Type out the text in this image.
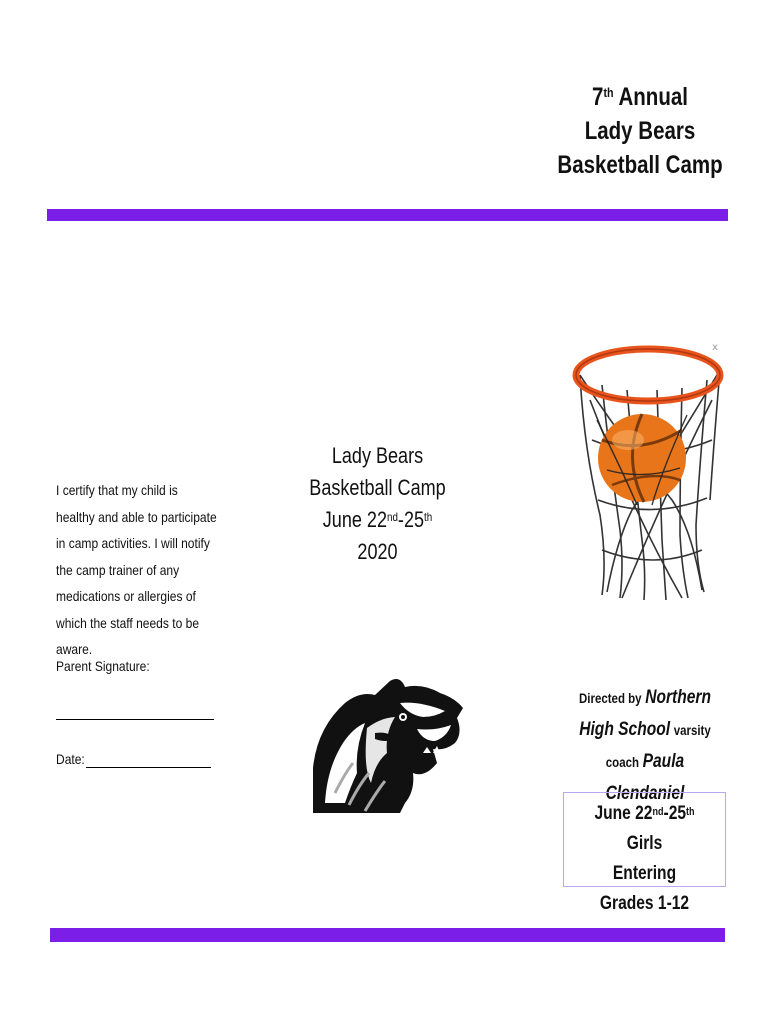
7th Annual
Lady Bears
Basketball Camp
I certify that my child is healthy and able to participate in camp activities. I will notify the camp trainer of any medications or allergies of which the staff needs to be aware.
Parent Signature:
Date:
Lady Bears
Basketball Camp
June 22nd-25th
2020
x
Directed by Northern
High School varsity
coach Paula Clendaniel
June 22nd-25th Girls
Entering
Grades 1-12
